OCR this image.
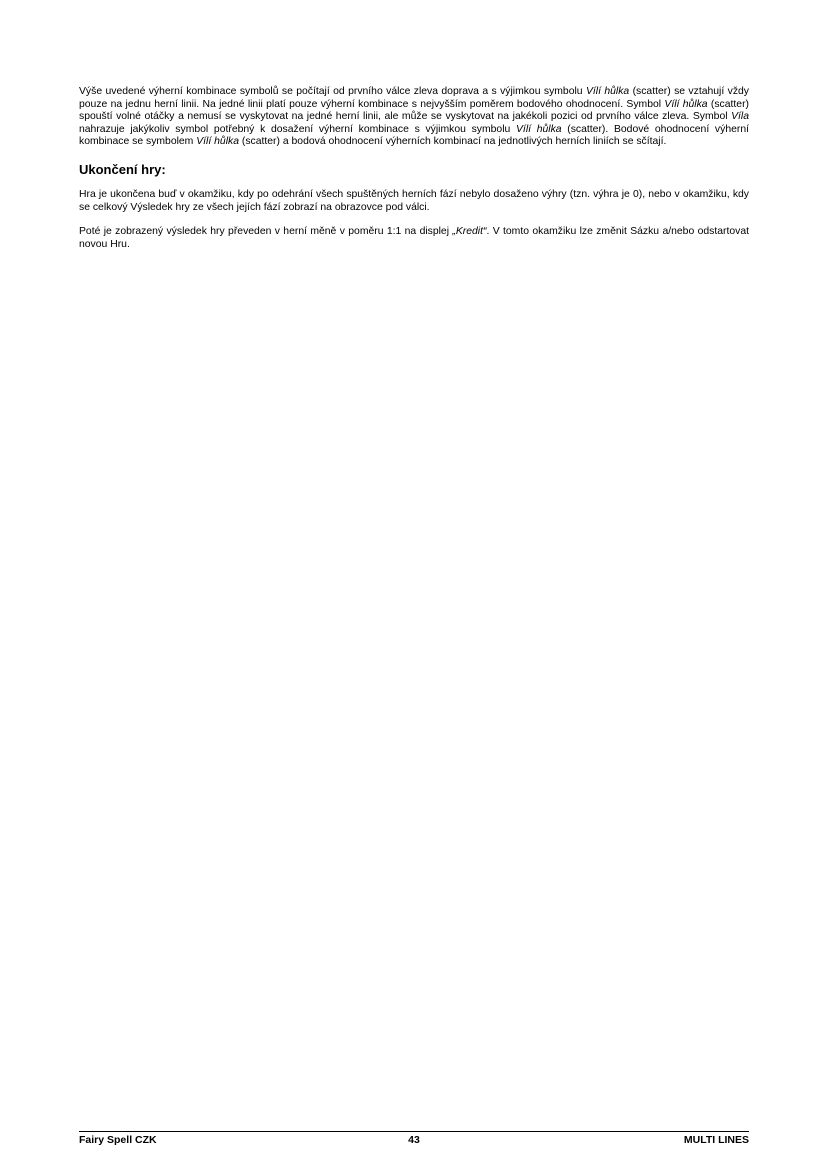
Výše uvedené výherní kombinace symbolů se počítají od prvního válce zleva doprava a s výjimkou symbolu Vílí hůlka (scatter) se vztahují vždy pouze na jednu herní linii. Na jedné linii platí pouze výherní kombinace s nejvyšším poměrem bodového ohodnocení. Symbol Vílí hůlka (scatter) spouští volné otáčky a nemusí se vyskytovat na jedné herní linii, ale může se vyskytovat na jakékoli pozici od prvního válce zleva. Symbol Víla nahrazuje jakýkoliv symbol potřebný k dosažení výherní kombinace s výjimkou symbolu Vílí hůlka (scatter). Bodové ohodnocení výherní kombinace se symbolem Vílí hůlka (scatter) a bodová ohodnocení výherních kombinací na jednotlivých herních liniích se sčítají.

Ukončení hry:

Hra je ukončena buď v okamžiku, kdy po odehrání všech spuštěných herních fází nebylo dosaženo výhry (tzn. výhra je 0), nebo v okamžiku, kdy se celkový Výsledek hry ze všech jejích fází zobrazí na obrazovce pod válci.

Poté je zobrazený výsledek hry převeden v herní měně v poměru 1:1 na displej „Kredit“. V tomto okamžiku lze změnit Sázku a/nebo odstartovat novou Hru.

Fairy Spell CZK	43	MULTI LINES
